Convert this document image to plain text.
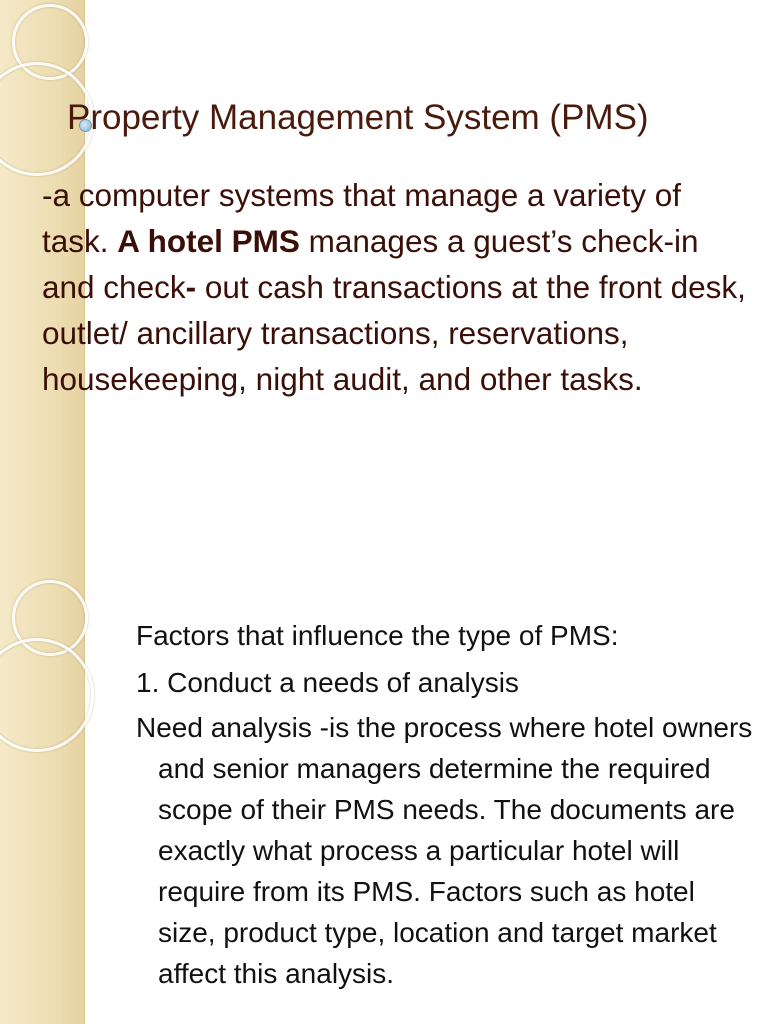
Property Management System (PMS)

-a computer systems that manage a variety of task. A hotel PMS manages a guest’s check-in and check- out cash transactions at the front desk, outlet/ ancillary transactions, reservations, housekeeping, night audit, and other tasks.

Factors that influence the type of PMS:

1. Conduct a needs of analysis

Need analysis -is the process where hotel owners and senior managers determine the required scope of their PMS needs. The documents are exactly what process a particular hotel will require from its PMS. Factors such as hotel size, product type, location and target market affect this analysis.
